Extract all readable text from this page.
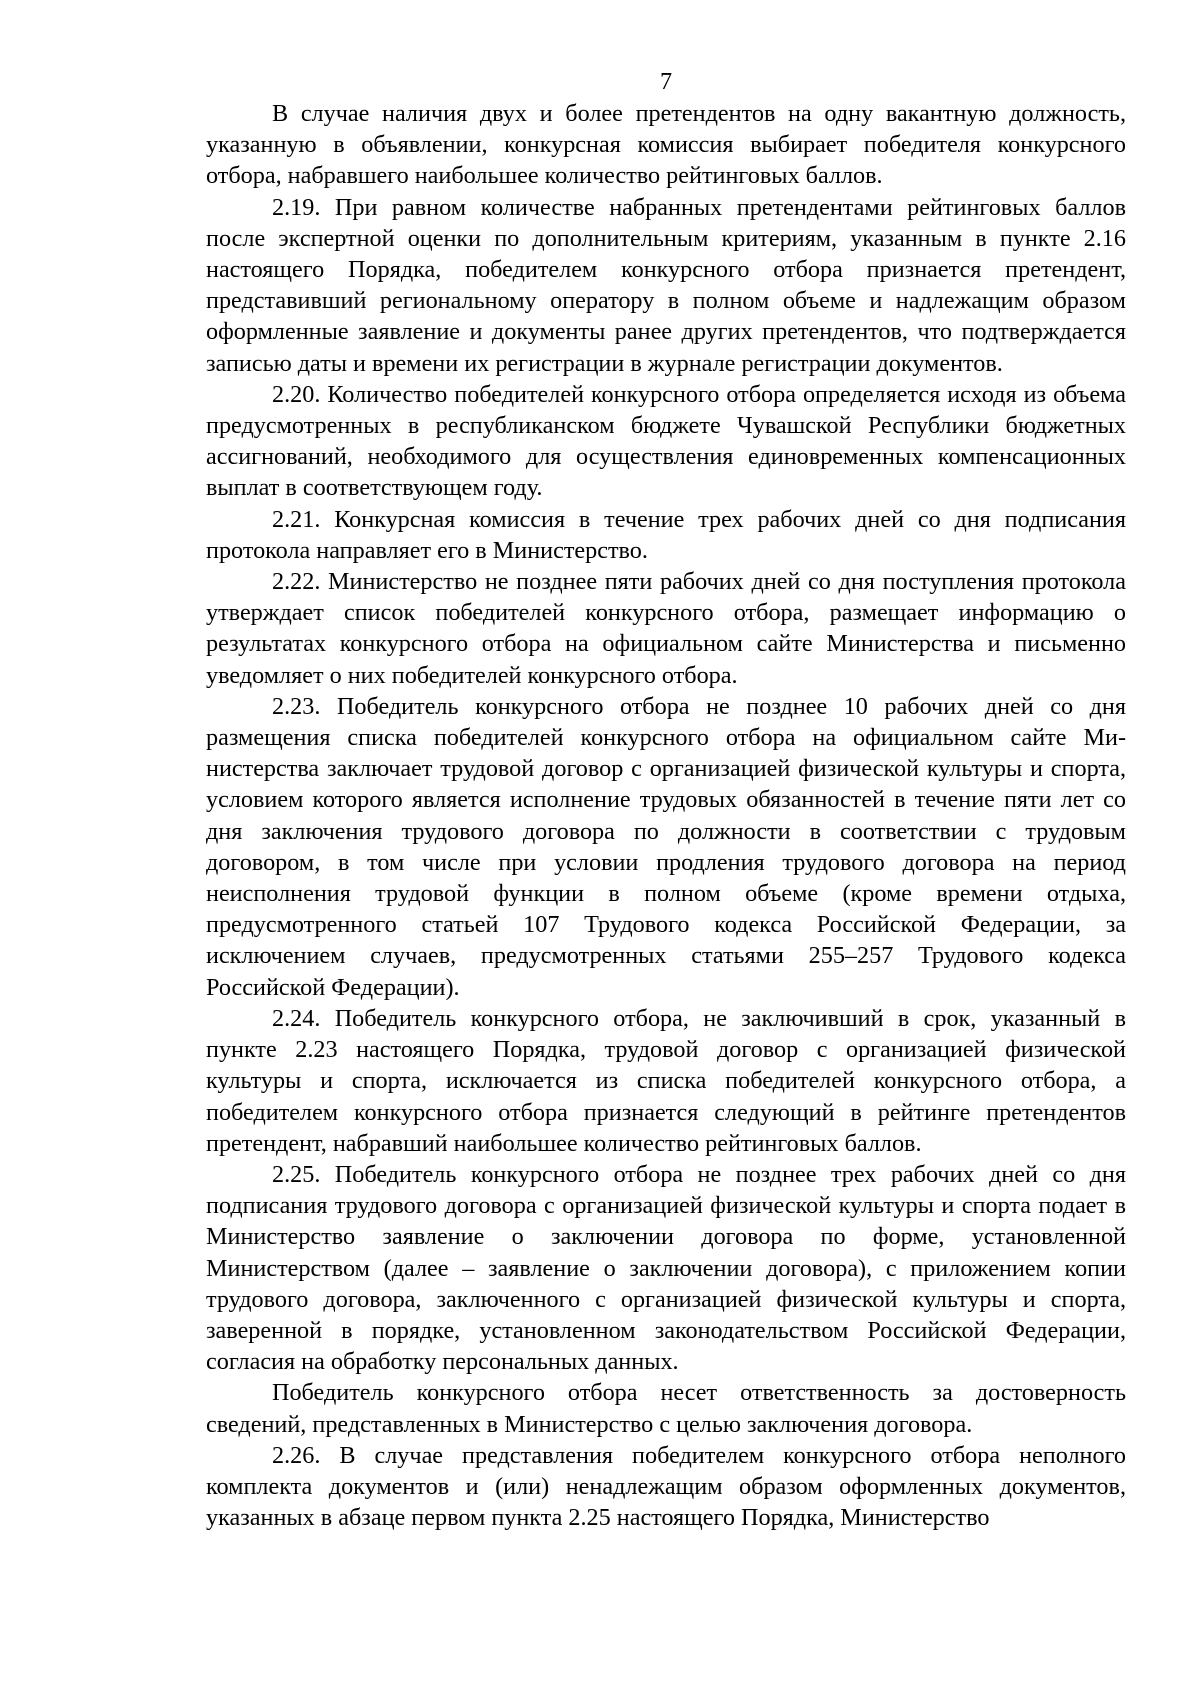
7

В случае наличия двух и более претендентов на одну вакантную должность, указанную в объявлении, конкурсная комиссия выбирает победителя конкурсного отбора, набравшего наибольшее количество рейтинговых баллов.

2.19. При равном количестве набранных претендентами рейтинговых баллов после экспертной оценки по дополнительным критериям, указанным в пункте 2.16 настоящего Порядка, победителем конкурсного отбора признается претендент, представивший региональному оператору в полном объеме и надлежащим образом оформленные заявление и документы ранее других претендентов, что подтверждается записью даты и времени их регистрации в журнале регистрации документов.

2.20. Количество победителей конкурсного отбора определяется исходя из объема предусмотренных в республиканском бюджете Чувашской Республики бюджетных ассигнований, необходимого для осуществления единовременных компенсационных выплат в соответствующем году.

2.21. Конкурсная комиссия в течение трех рабочих дней со дня подписания протокола направляет его в Министерство.

2.22. Министерство не позднее пяти рабочих дней со дня поступления протокола утверждает список победителей конкурсного отбора, размещает информацию о результатах конкурсного отбора на официальном сайте Министерства и письменно уведомляет о них победителей конкурсного отбора.

2.23. Победитель конкурсного отбора не позднее 10 рабочих дней со дня размещения списка победителей конкурсного отбора на официальном сайте Министерства заключает трудовой договор с организацией физической культуры и спорта, условием которого является исполнение трудовых обязанностей в течение пяти лет со дня заключения трудового договора по должности в соответствии с трудовым договором, в том числе при условии продления трудового договора на период неисполнения трудовой функции в полном объеме (кроме времени отдыха, предусмотренного статьей 107 Трудового кодекса Российской Федерации, за исключением случаев, предусмотренных статьями 255–257 Трудового кодекса Российской Федерации).

2.24. Победитель конкурсного отбора, не заключивший в срок, указанный в пункте 2.23 настоящего Порядка, трудовой договор с организацией физической культуры и спорта, исключается из списка победителей конкурсного отбора, а победителем конкурсного отбора признается следующий в рейтинге претендентов претендент, набравший наибольшее количество рейтинговых баллов.

2.25. Победитель конкурсного отбора не позднее трех рабочих дней со дня подписания трудового договора с организацией физической культуры и спорта подает в Министерство заявление о заключении договора по форме, установленной Министерством (далее – заявление о заключении договора), с приложением копии трудового договора, заключенного с организацией физической культуры и спорта, заверенной в порядке, установленном законодательством Российской Федерации, согласия на обработку персональных данных.

Победитель конкурсного отбора несет ответственность за достоверность сведений, представленных в Министерство с целью заключения договора.

2.26. В случае представления победителем конкурсного отбора неполного комплекта документов и (или) ненадлежащим образом оформленных документов, указанных в абзаце первом пункта 2.25 настоящего Порядка, Министерство
